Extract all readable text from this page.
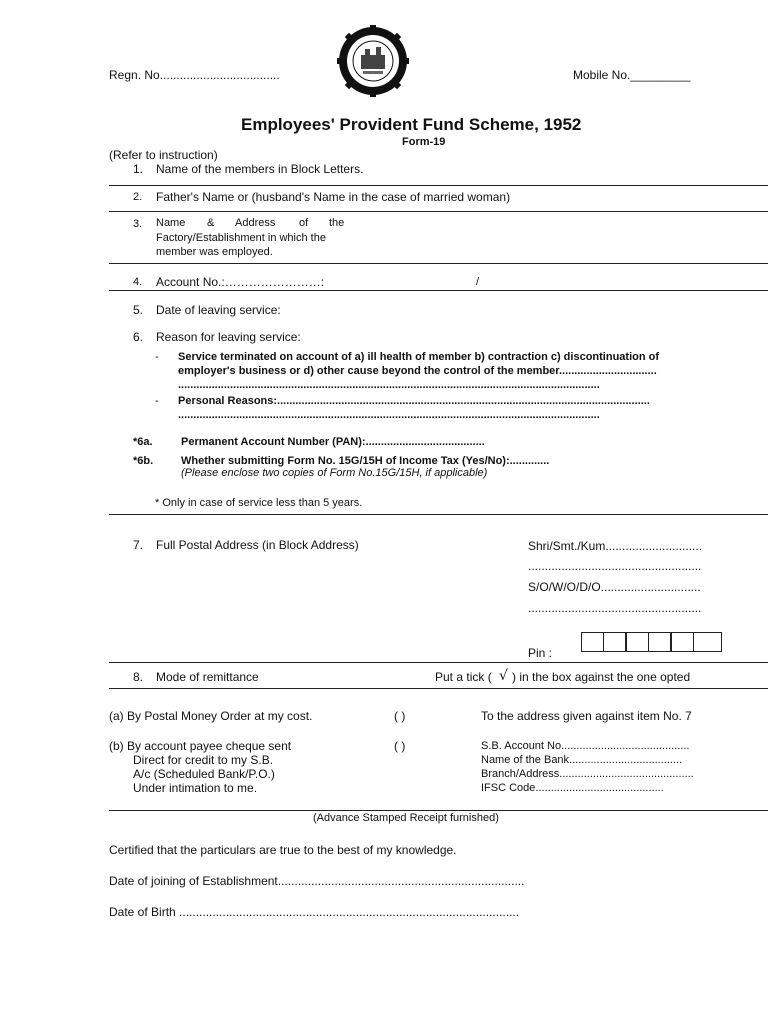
Regn. No....................................	Mobile No._________
Employees' Provident Fund Scheme, 1952
Form-19
(Refer to instruction)
1. Name of the members in Block Letters.
2. Father's Name or (husband's Name in the case of married woman)
3. Name & Address of the
Factory/Establishment in which the
member was employed.
4. Account No.:……………………:	/
5. Date of leaving service:
6. Reason for leaving service:
- Service terminated on account of a) ill health of member b) contraction c) discontinuation of
employer's business or d) other cause beyond the control of the member................................
..........................................................................................................................................
- Personal Reasons:..........................................................................................................................
..........................................................................................................................................
*6a.	Permanent Account Number (PAN):.......................................
*6b.	Whether submitting Form No. 15G/15H of Income Tax (Yes/No):.............
(Please enclose two copies of Form No.15G/15H, if applicable)
* Only in case of service less than 5 years.
7. Full Postal Address (in Block Address)	Shri/Smt./Kum.............................
....................................................
S/O/W/O/D/O..............................
....................................................
Pin :
8. Mode of remittance	Put a tick ( √ ) in the box against the one opted
(a) By Postal Money Order at my cost.	( )	To the address given against item No. 7
(b) By account payee cheque sent	( )
Direct for credit to my S.B.
A/c (Scheduled Bank/P.O.)
Under intimation to me.
S.B. Account No..........................................
Name of the Bank.....................................
Branch/Address............................................
IFSC Code..........................................
(Advance Stamped Receipt furnished)
Certified that the particulars are true to the best of my knowledge.
Date of joining of Establishment..........................................................................
Date of Birth ......................................................................................................
